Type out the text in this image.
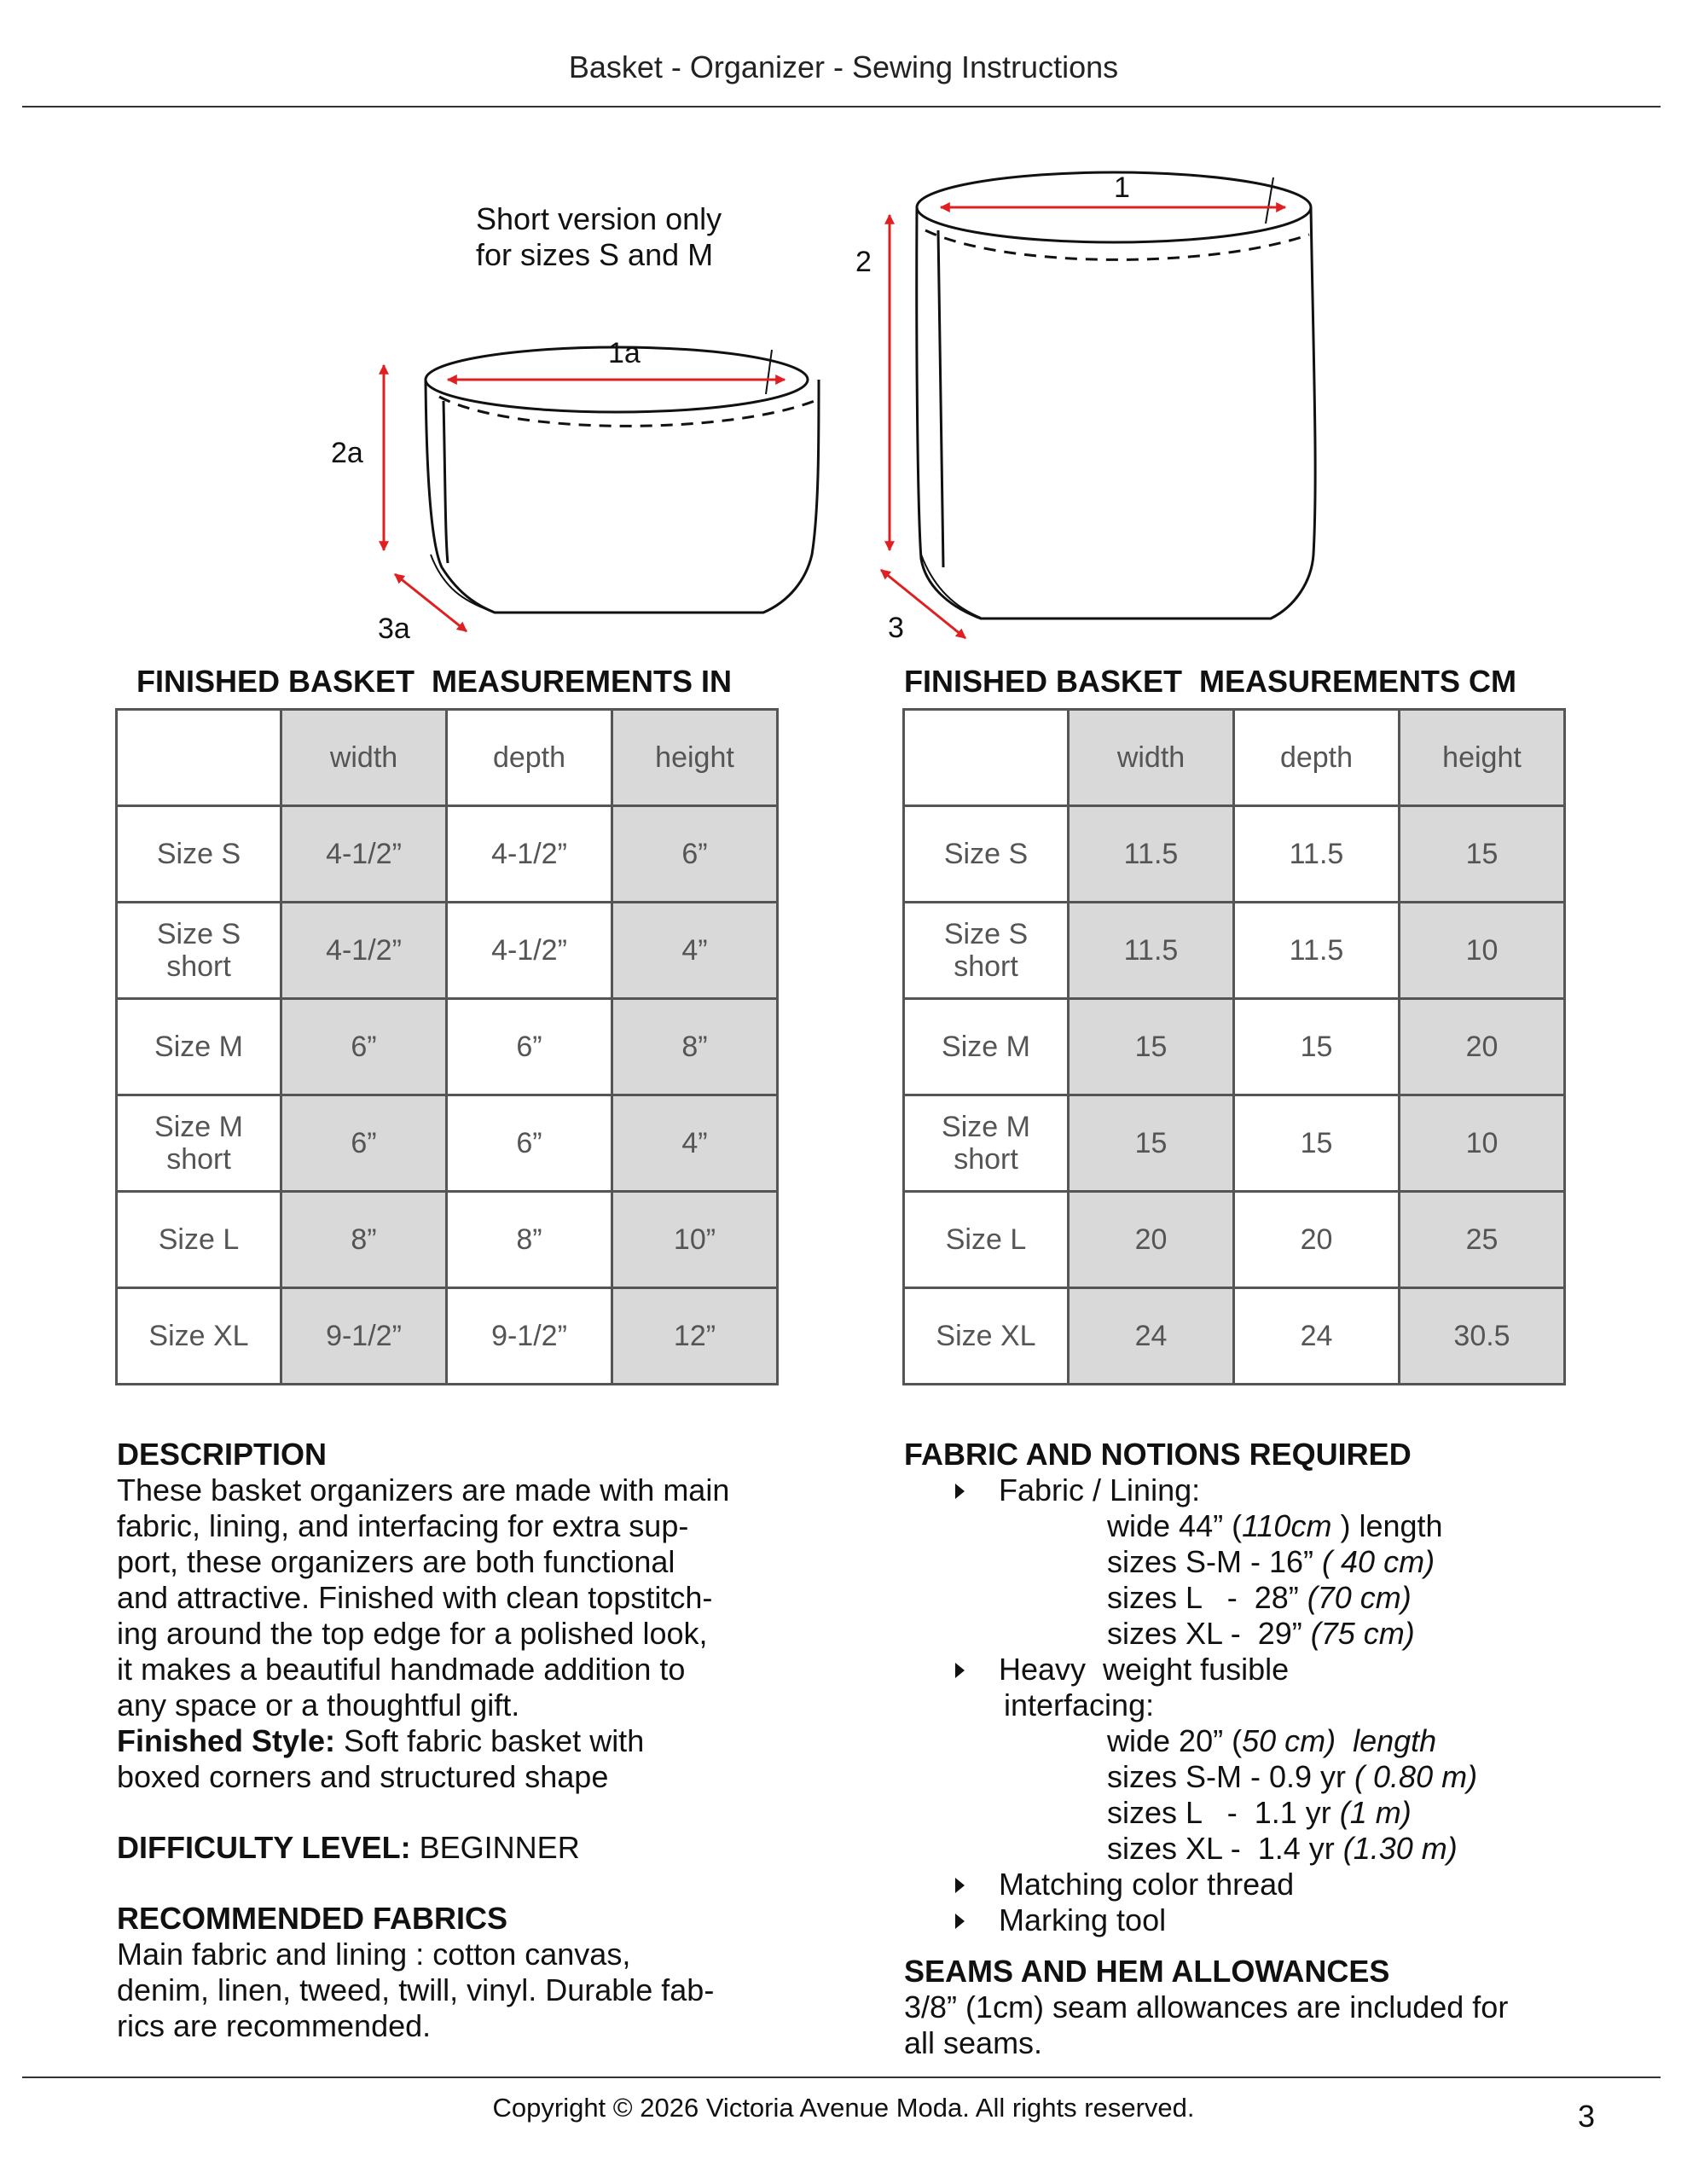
Basket - Organizer - Sewing Instructions
1a
2a
3a
1
2
3
Short version only
for sizes S and M
FINISHED BASKET  MEASUREMENTS IN	FINISHED BASKET  MEASUREMENTS CM
	width	depth	height
Size S	4-1/2”	4-1/2”	6”
Size S short	4-1/2”	4-1/2”	4”
Size M	6”	6”	8”
Size M short	6”	6”	4”
Size L	8”	8”	10”
Size XL	9-1/2”	9-1/2”	12”
	width	depth	height
Size S	11.5	11.5	15
Size S short	11.5	11.5	10
Size M	15	15	20
Size M short	15	15	10
Size L	20	20	25
Size XL	24	24	30.5
DESCRIPTION
These basket organizers are made with main
fabric, lining, and interfacing for extra sup-
port, these organizers are both functional
and attractive. Finished with clean topstitch-
ing around the top edge for a polished look,
it makes a beautiful handmade addition to
any space or a thoughtful gift.
Finished Style: Soft fabric basket with
boxed corners and structured shape
DIFFICULTY LEVEL: BEGINNER
RECOMMENDED FABRICS
Main fabric and lining : cotton canvas,
denim, linen, tweed, twill, vinyl. Durable fab-
rics are recommended.
FABRIC AND NOTIONS REQUIRED
Fabric / Lining:
wide 44” (110cm ) length
sizes S-M - 16” ( 40 cm)
sizes L   -  28” (70 cm)
sizes XL -  29” (75 cm)
Heavy  weight fusible
interfacing:
wide 20” (50 cm)  length
sizes S-M - 0.9 yr ( 0.80 m)
sizes L   -  1.1 yr (1 m)
sizes XL -  1.4 yr (1.30 m)
Matching color thread
Marking tool
SEAMS AND HEM ALLOWANCES
3/8” (1cm) seam allowances are included for
all seams.
Copyright © 2026 Victoria Avenue Moda. All rights reserved.	3
